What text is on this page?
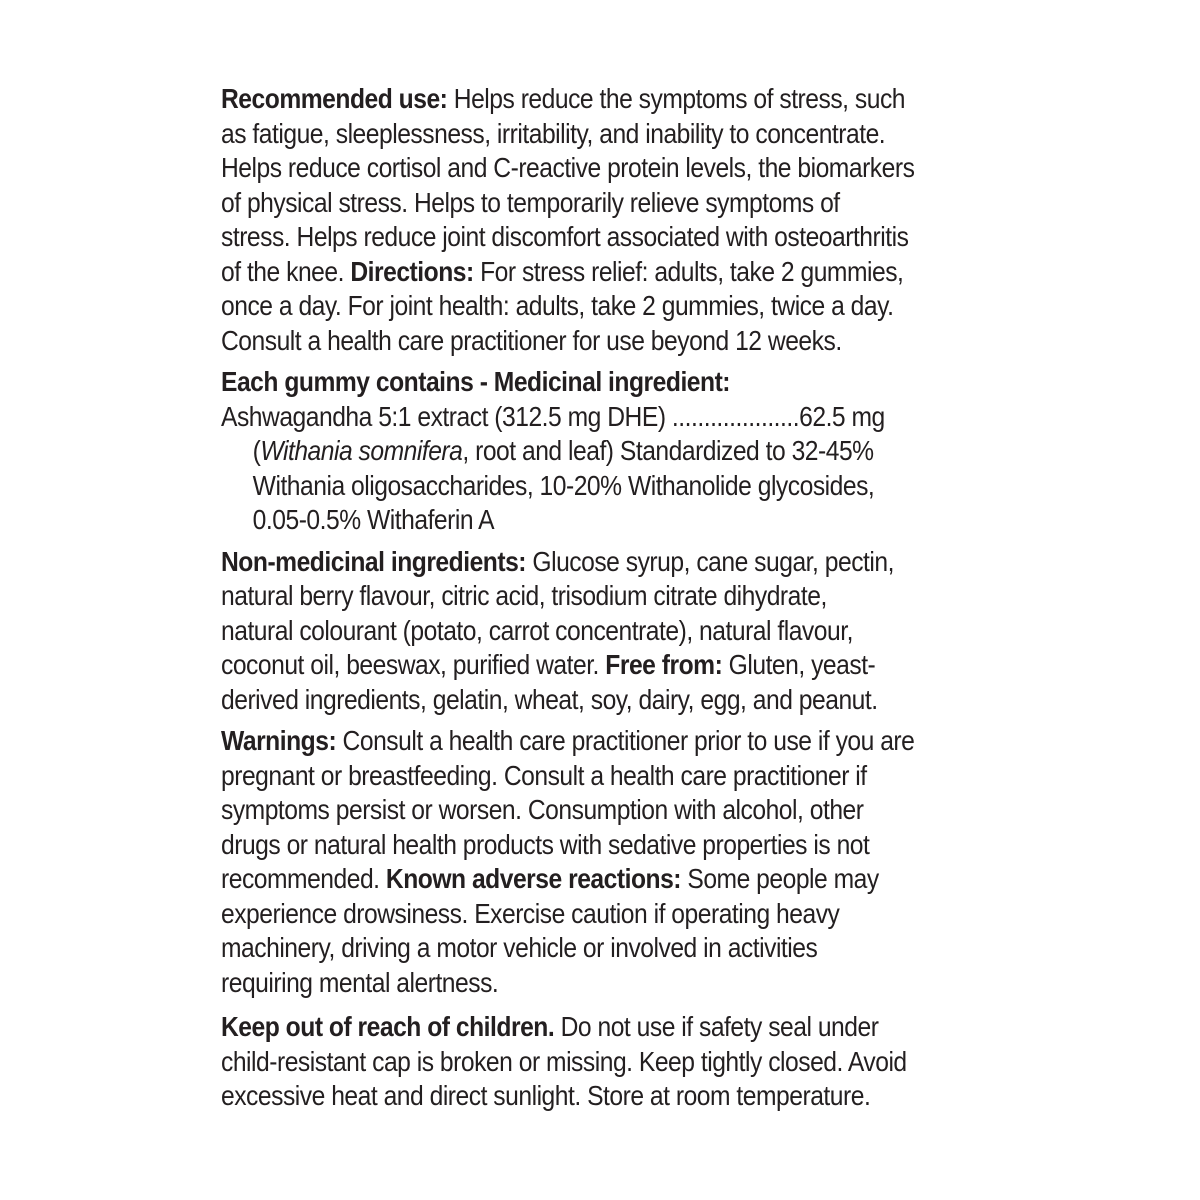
Recommended use: Helps reduce the symptoms of stress, such
as fatigue, sleeplessness, irritability, and inability to concentrate.
Helps reduce cortisol and C-reactive protein levels, the biomarkers
of physical stress. Helps to temporarily relieve symptoms of
stress. Helps reduce joint discomfort associated with osteoarthritis
of the knee. Directions: For stress relief: adults, take 2 gummies,
once a day. For joint health: adults, take 2 gummies, twice a day.
Consult a health care practitioner for use beyond 12 weeks.
Each gummy contains - Medicinal ingredient:
Ashwagandha 5:1 extract (312.5 mg DHE) ....................62.5 mg
(Withania somnifera, root and leaf) Standardized to 32-45%
Withania oligosaccharides, 10-20% Withanolide glycosides,
0.05-0.5% Withaferin A
Non-medicinal ingredients: Glucose syrup, cane sugar, pectin,
natural berry flavour, citric acid, trisodium citrate dihydrate,
natural colourant (potato, carrot concentrate), natural flavour,
coconut oil, beeswax, purified water. Free from: Gluten, yeast-
derived ingredients, gelatin, wheat, soy, dairy, egg, and peanut.
Warnings: Consult a health care practitioner prior to use if you are
pregnant or breastfeeding. Consult a health care practitioner if
symptoms persist or worsen. Consumption with alcohol, other
drugs or natural health products with sedative properties is not
recommended. Known adverse reactions: Some people may
experience drowsiness. Exercise caution if operating heavy
machinery, driving a motor vehicle or involved in activities
requiring mental alertness.
Keep out of reach of children. Do not use if safety seal under
child-resistant cap is broken or missing. Keep tightly closed. Avoid
excessive heat and direct sunlight. Store at room temperature.
